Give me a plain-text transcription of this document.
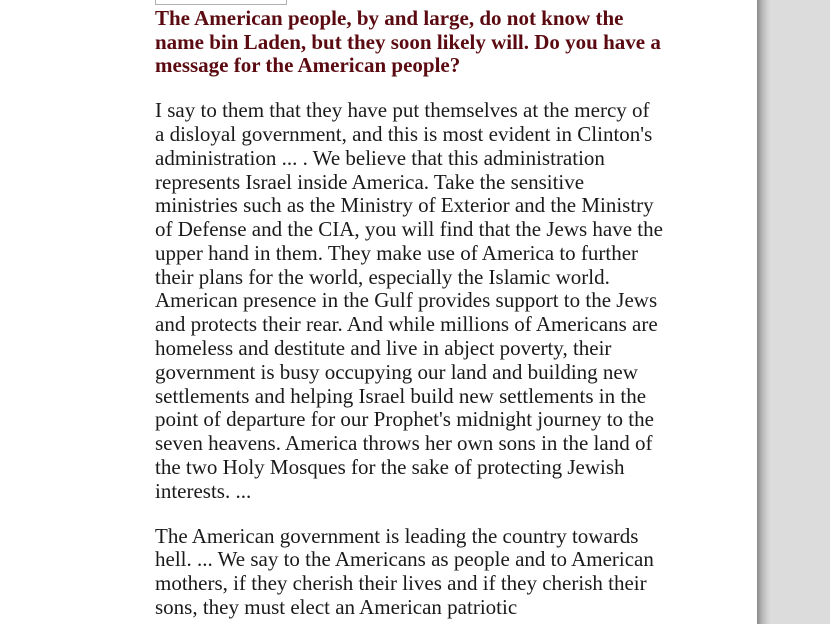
The American people, by and large, do not know the name bin Laden, but they soon likely will. Do you have a message for the American people?

I say to them that they have put themselves at the mercy of a disloyal government, and this is most evident in Clinton's administration ... . We believe that this administration represents Israel inside America. Take the sensitive ministries such as the Ministry of Exterior and the Ministry of Defense and the CIA, you will find that the Jews have the upper hand in them. They make use of America to further their plans for the world, especially the Islamic world. American presence in the Gulf provides support to the Jews and protects their rear. And while millions of Americans are homeless and destitute and live in abject poverty, their government is busy occupying our land and building new settlements and helping Israel build new settlements in the point of departure for our Prophet's midnight journey to the seven heavens. America throws her own sons in the land of the two Holy Mosques for the sake of protecting Jewish interests. ...

The American government is leading the country towards hell. ... We say to the Americans as people and to American mothers, if they cherish their lives and if they cherish their sons, they must elect an American patriotic
